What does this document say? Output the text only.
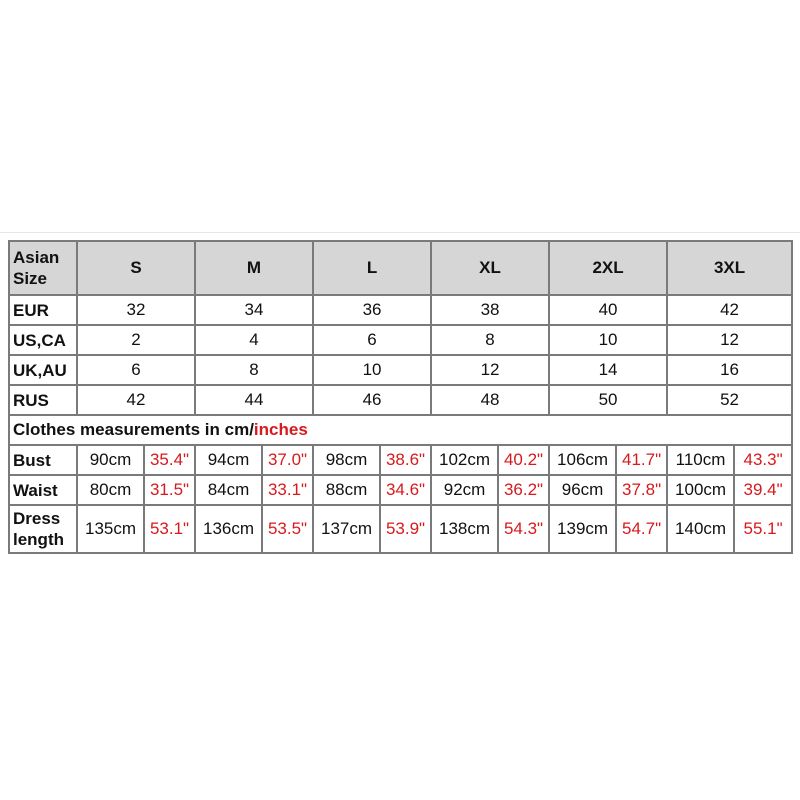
Asian Size	S		M		L		XL		2XL		3XL	
EUR	32		34		36		38		40		42	
US,CA	2		4		6		8		10		12	
UK,AU	6		8		10		12		14		16	
RUS	42		44		46		48		50		52	
Clothes measurements in cm/inches												
Bust	90cm	35.4"	94cm	37.0"	98cm	38.6"	102cm	40.2"	106cm	41.7"	110cm	43.3"
Waist	80cm	31.5"	84cm	33.1"	88cm	34.6"	92cm	36.2"	96cm	37.8"	100cm	39.4"
Dress length	135cm	53.1"	136cm	53.5"	137cm	53.9"	138cm	54.3"	139cm	54.7"	140cm	55.1"
